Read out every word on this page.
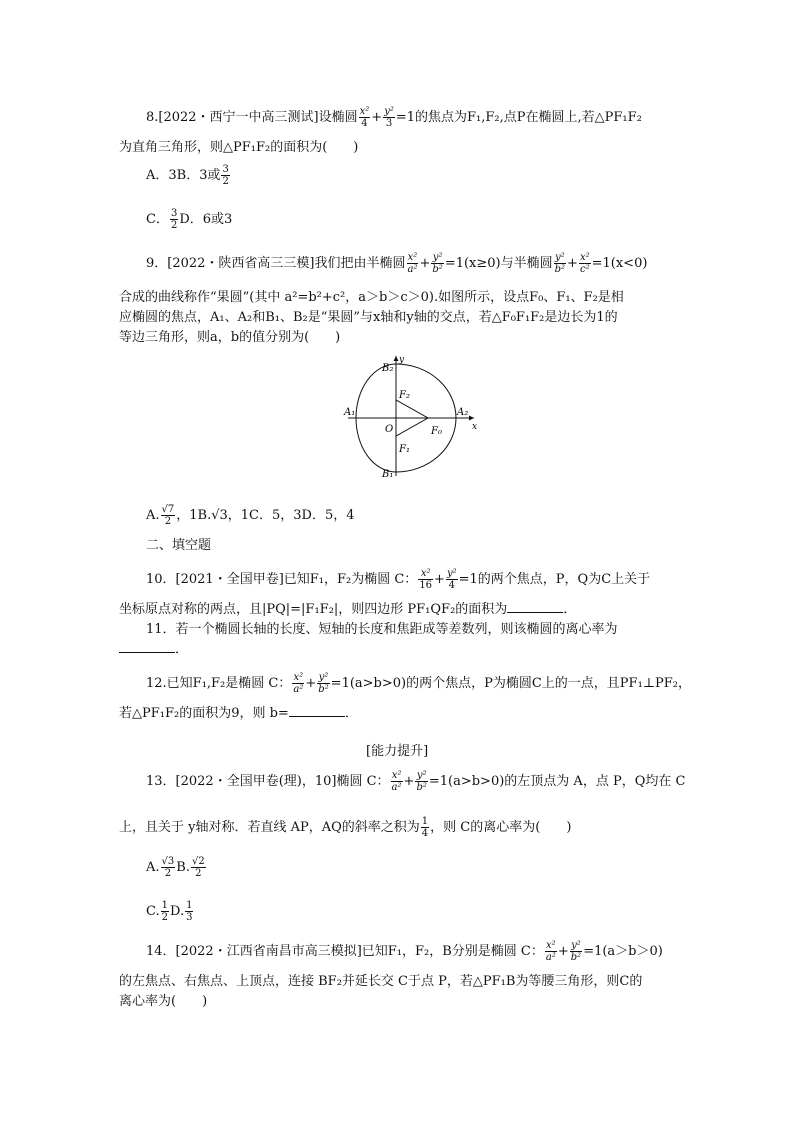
8.[2022・西宁一中高三测试]设椭圆 $\frac{\text{x²}}{4} + \frac{\text{y²}}{3} =1$的焦点为F₁,F₂,点P在椭圆上,若△PF₁F₂
为直角三角形，则△PF₁F₂的面积为(　　)
A．3B．3或 $\frac{3}{2}$
C． $\frac{3}{2}$ D．6或3
9．[2022・陕西省高三三模]我们把由半椭圆 $\frac{\text{x²}}{\text{a²}} + \frac{\text{y²}}{\text{b²}} =1(x\ge 0)$与半椭圆 $\frac{\text{y²}}{\text{b²}} + \frac{\text{x²}}{\text{c²}} =1(x<0)$
合成的曲线称作“果圆”(其中 a²=b²+c²，a＞b＞c＞0).如图所示，设点F₀、F₁、F₂是相
应椭圆的焦点，A₁、A₂和B₁、B₂是“果圆”与x轴和y轴的交点，若△F₀F₁F₂是边长为1的
等边三角形，则a，b的值分别为(　　)
y
B₂
F₂
A₁	A₂
x
O	F₀
F₁
B₁
A. $\frac{√7}{2}$ ，1B.√3，1C．5，3D．5，4
二、填空题
10．[2021・全国甲卷]已知F₁，F₂为椭圆 C： $\frac{\text{x²}}{16} + \frac{\text{y²}}{4} =1$的两个焦点，P，Q为C上关于
坐标原点对称的两点，且|PQ|=|F₁F₂|，则四边形 PF₁QF₂的面积为	．
11．若一个椭圆长轴的长度、短轴的长度和焦距成等差数列，则该椭圆的离心率为
．
12.已知F₁,F₂是椭圆 C： $\frac{\text{x²}}{\text{a²}} + \frac{\text{y²}}{\text{b²}} =1(a>b>0)$的两个焦点，P为椭圆C上的一点，且PF₁⊥PF₂，
若△PF₁F₂的面积为9，则 b=	．
[能力提升]
13．[2022・全国甲卷(理)，10]椭圆 C： $\frac{\text{x²}}{\text{a²}} + \frac{\text{y²}}{\text{b²}} =1(a>b>0)$的左顶点为 A，点 P，Q均在 C
上，且关于 y轴对称．若直线 AP，AQ的斜率之积为 $\frac{1}{4}$ ，则 C的离心率为(　　)
A. $\frac{√3}{2} B$. $\frac{√2}{2}$
C. $\frac{1}{2} D$. $\frac{1}{3}$
14．[2022・江西省南昌市高三模拟]已知F₁，F₂，B分别是椭圆 C： $\frac{\text{x²}}{\text{a²}} + \frac{\text{y²}}{\text{b²}} =1(a>b>0)$
的左焦点、右焦点、上顶点，连接 BF₂并延长交 C于点 P，若△PF₁B为等腰三角形，则C的
离心率为(　　)
